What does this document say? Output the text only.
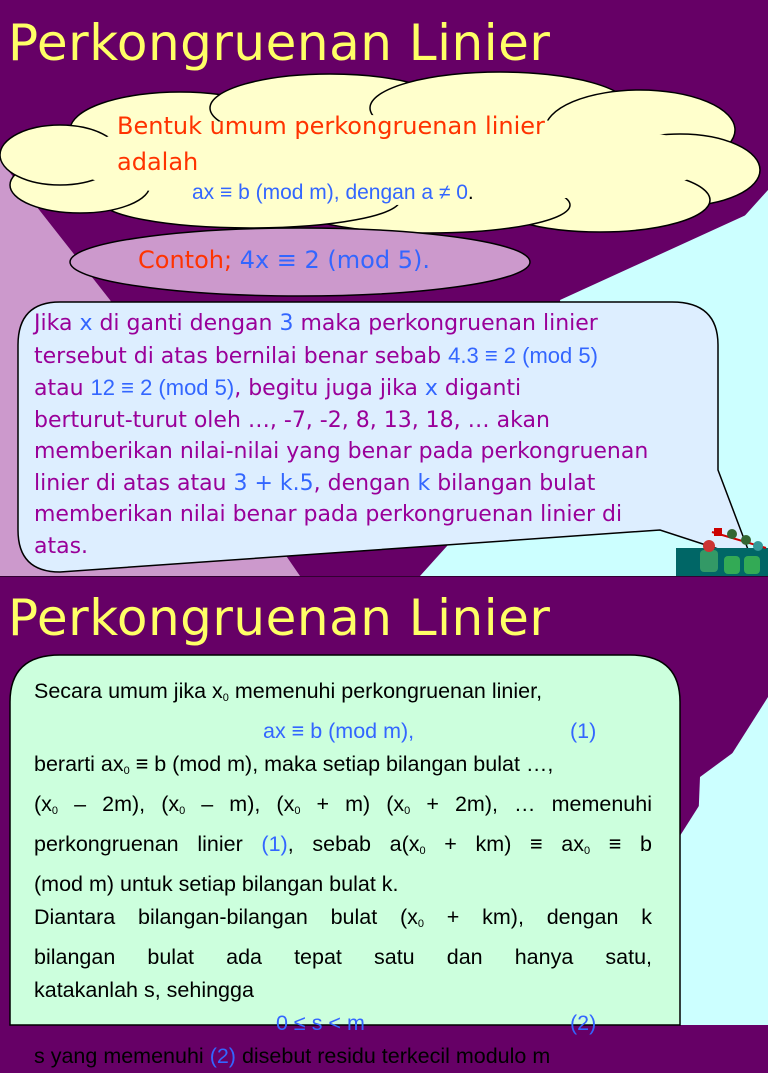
Perkongruenan Linier
Bentuk umum perkongruenan linier
adalah
ax ≡ b (mod m), dengan a ≠ 0.
Contoh; 4x ≡ 2 (mod 5).
Jika x di ganti dengan 3 maka perkongruenan linier
tersebut di atas bernilai benar sebab 4.3 ≡ 2 (mod 5)
atau 12 ≡ 2 (mod 5), begitu juga jika x diganti
berturut-turut oleh …, -7, -2, 8, 13, 18, … akan
memberikan nilai-nilai yang benar pada perkongruenan
linier di atas atau 3 + k.5, dengan k bilangan bulat
memberikan nilai benar pada perkongruenan linier di
atas.
Perkongruenan Linier
Secara umum jika $x_0$ memenuhi perkongruenan linier,
ax ≡ b (mod m),	(1)
berarti $ax_0 \equiv b$ (mod m), maka setiap bilangan bulat …,
$(x_0 - 2m)$, $(x_0 - m)$, $(x_0 + m) (x_0 + 2m)$, … memenuhi
perkongruenan linier (1), sebab $a(x_0 + km) \equiv ax_0 \equiv b$
(mod m) untuk setiap bilangan bulat k.
Diantara bilangan-bilangan bulat $(x_0 + km)$, dengan k
bilangan bulat ada tepat satu dan hanya satu,
katakanlah s, sehingga
0 ≤ s < m	(2)
s yang memenuhi (2) disebut residu terkecil modulo m
